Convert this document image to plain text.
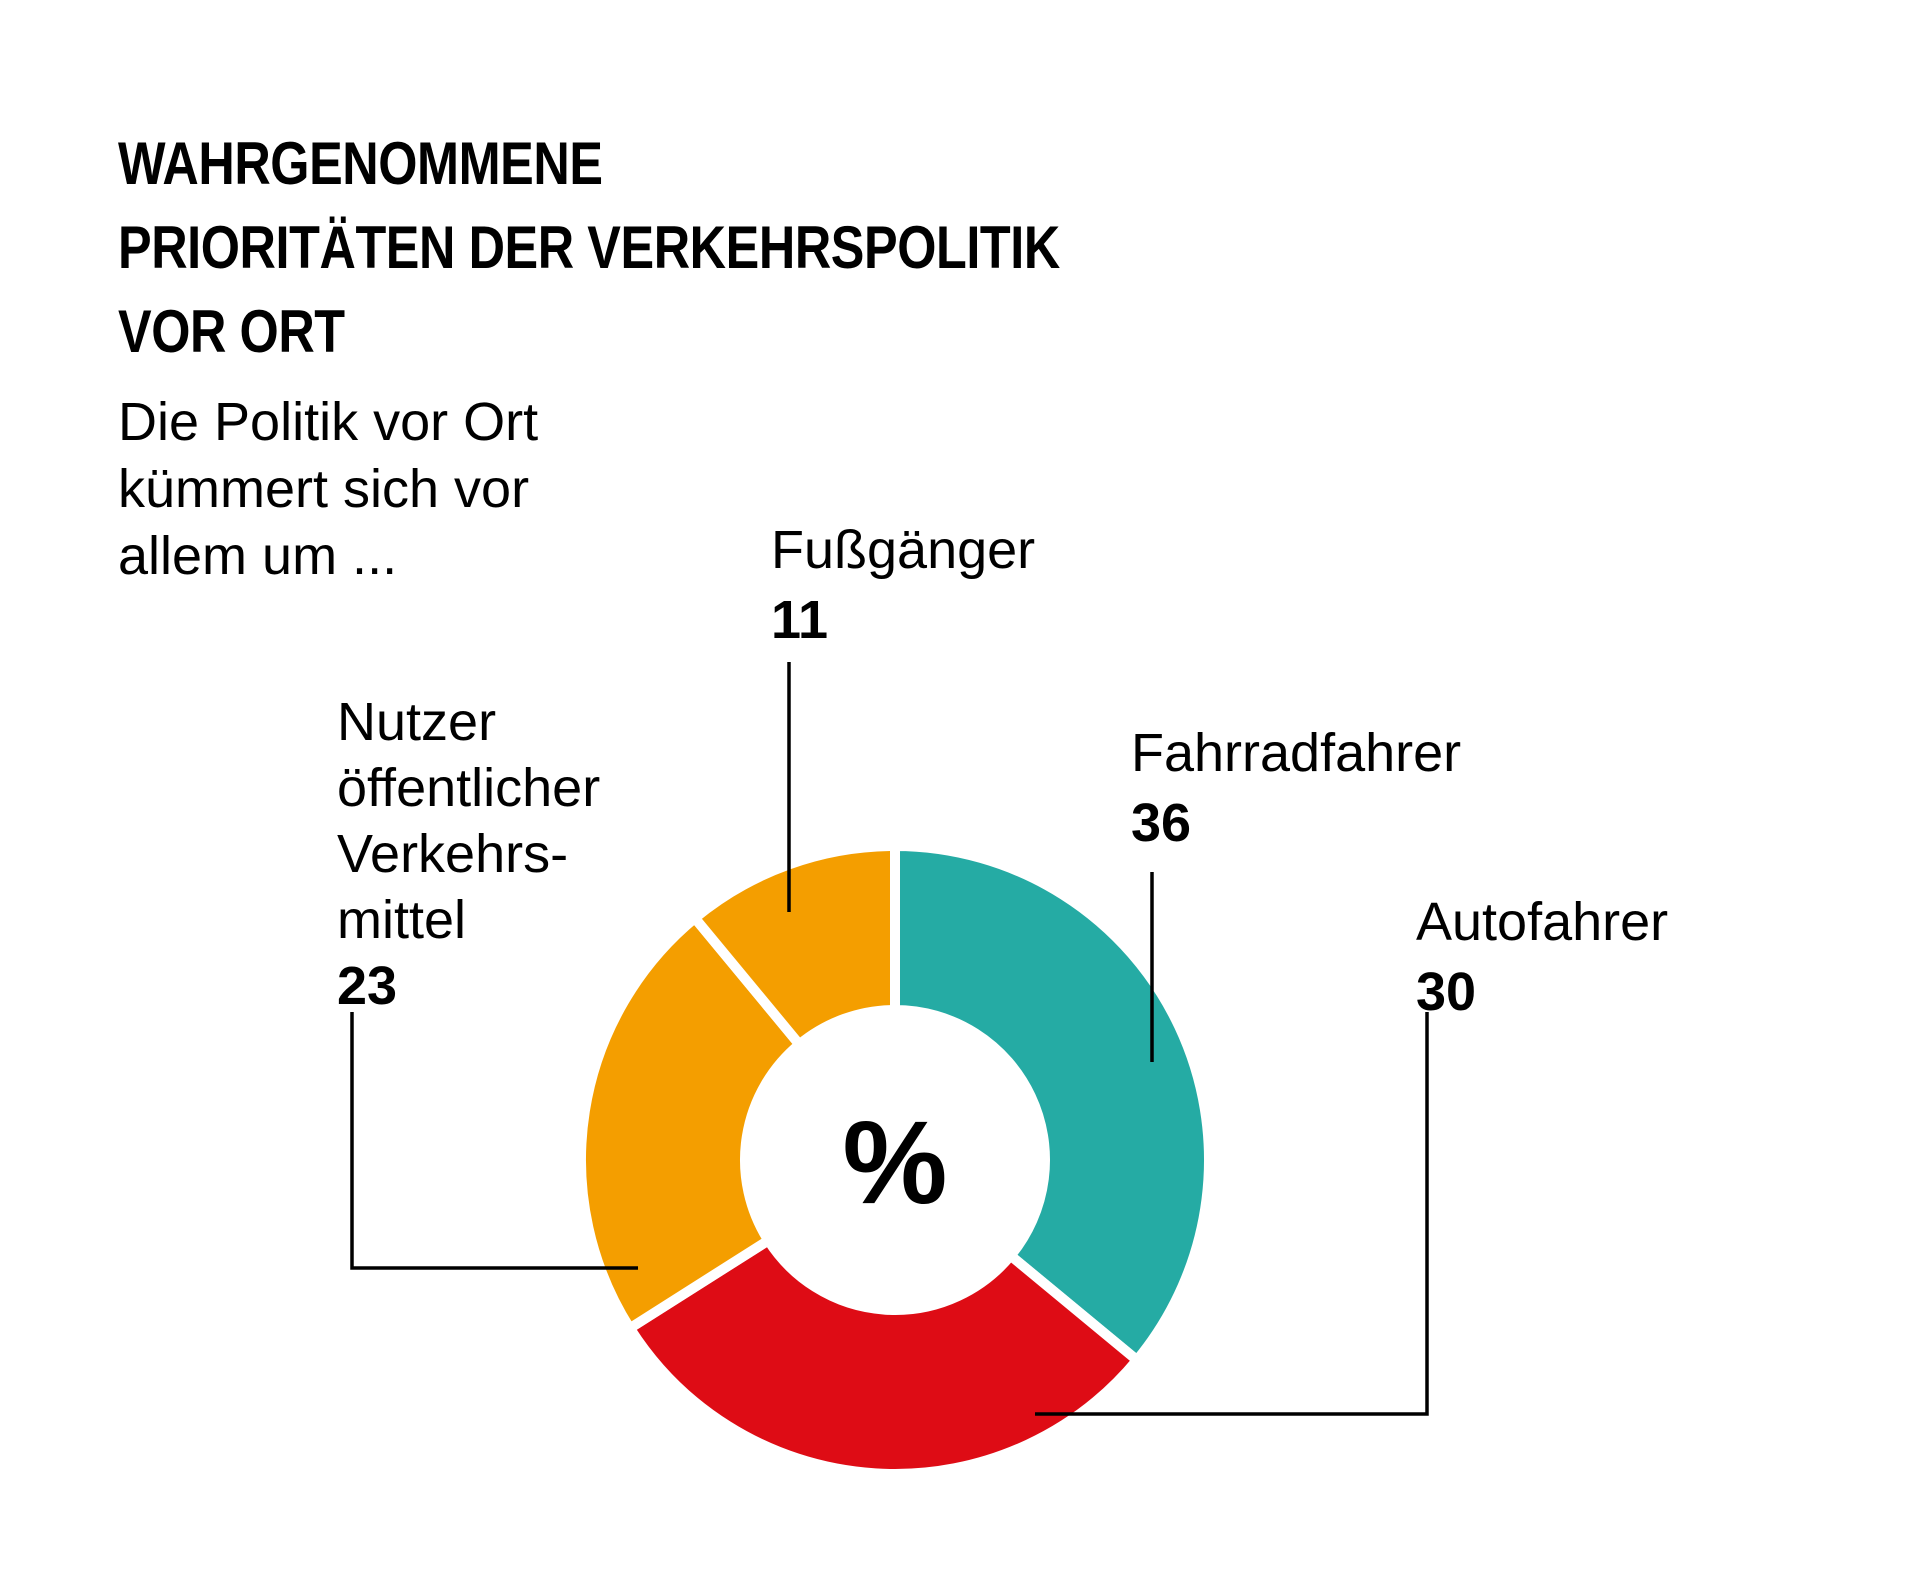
WAHRGENOMMENE
PRIORITÄTEN DER VERKEHRSPOLITIK
VOR ORT

Die Politik vor Ort
kümmert sich vor
allem um ...

%
Fußgänger
11
Nutzer
öffentlicher
Verkehrs-
mittel
23
Fahrradfahrer
36
Autofahrer
30
